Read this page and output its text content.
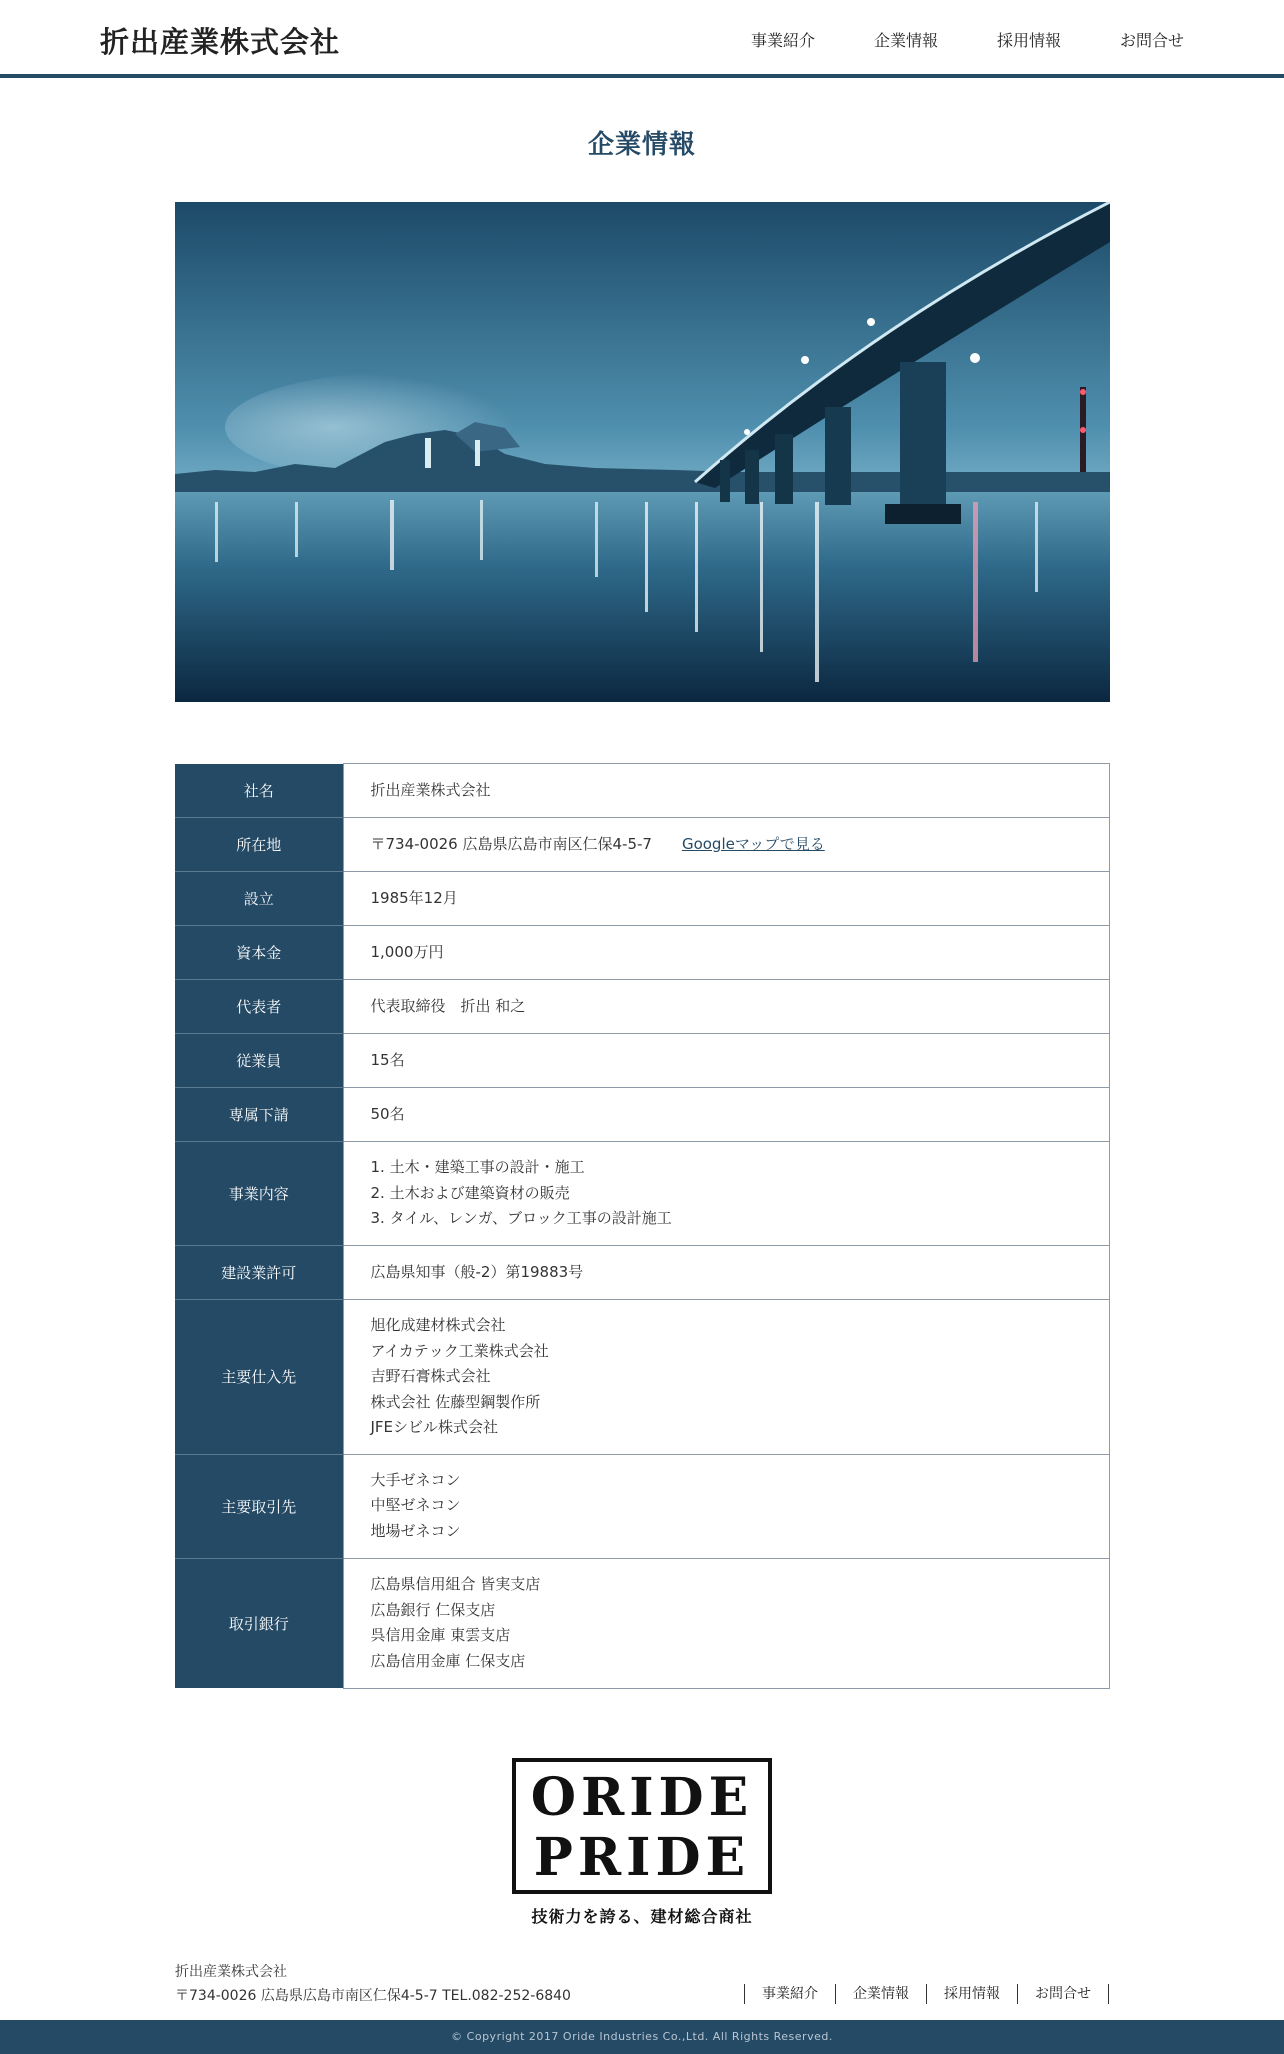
折出産業株式会社	事業紹介	企業情報	採用情報	お問合せ
企業情報
社名	折出産業株式会社
所在地	〒734-0026 広島県広島市南区仁保4-5-7 Googleマップで見る
設立	1985年12月
資本金	1,000万円
代表者	代表取締役　折出 和之
従業員	15名
専属下請	50名
事業内容	1. 土木・建築工事の設計・施工
2. 土木および建築資材の販売
3. タイル、レンガ、ブロック工事の設計施工

建設業許可	広島県知事（般-2）第19883号
主要仕入先	旭化成建材株式会社
アイカテック工業株式会社
吉野石膏株式会社
株式会社 佐藤型鋼製作所
JFEシビル株式会社

主要取引先	大手ゼネコン
中堅ゼネコン
地場ゼネコン

取引銀行	広島県信用組合 皆実支店
広島銀行 仁保支店
呉信用金庫 東雲支店
広島信用金庫 仁保支店
ORIDE
PRIDE
技術力を誇る、建材総合商社
折出産業株式会社
〒734-0026 広島県広島市南区仁保4-5-7 TEL.082-252-6840	事業紹介	企業情報	採用情報	お問合せ
© Copyright 2017 Oride Industries Co.,Ltd. All Rights Reserved.
